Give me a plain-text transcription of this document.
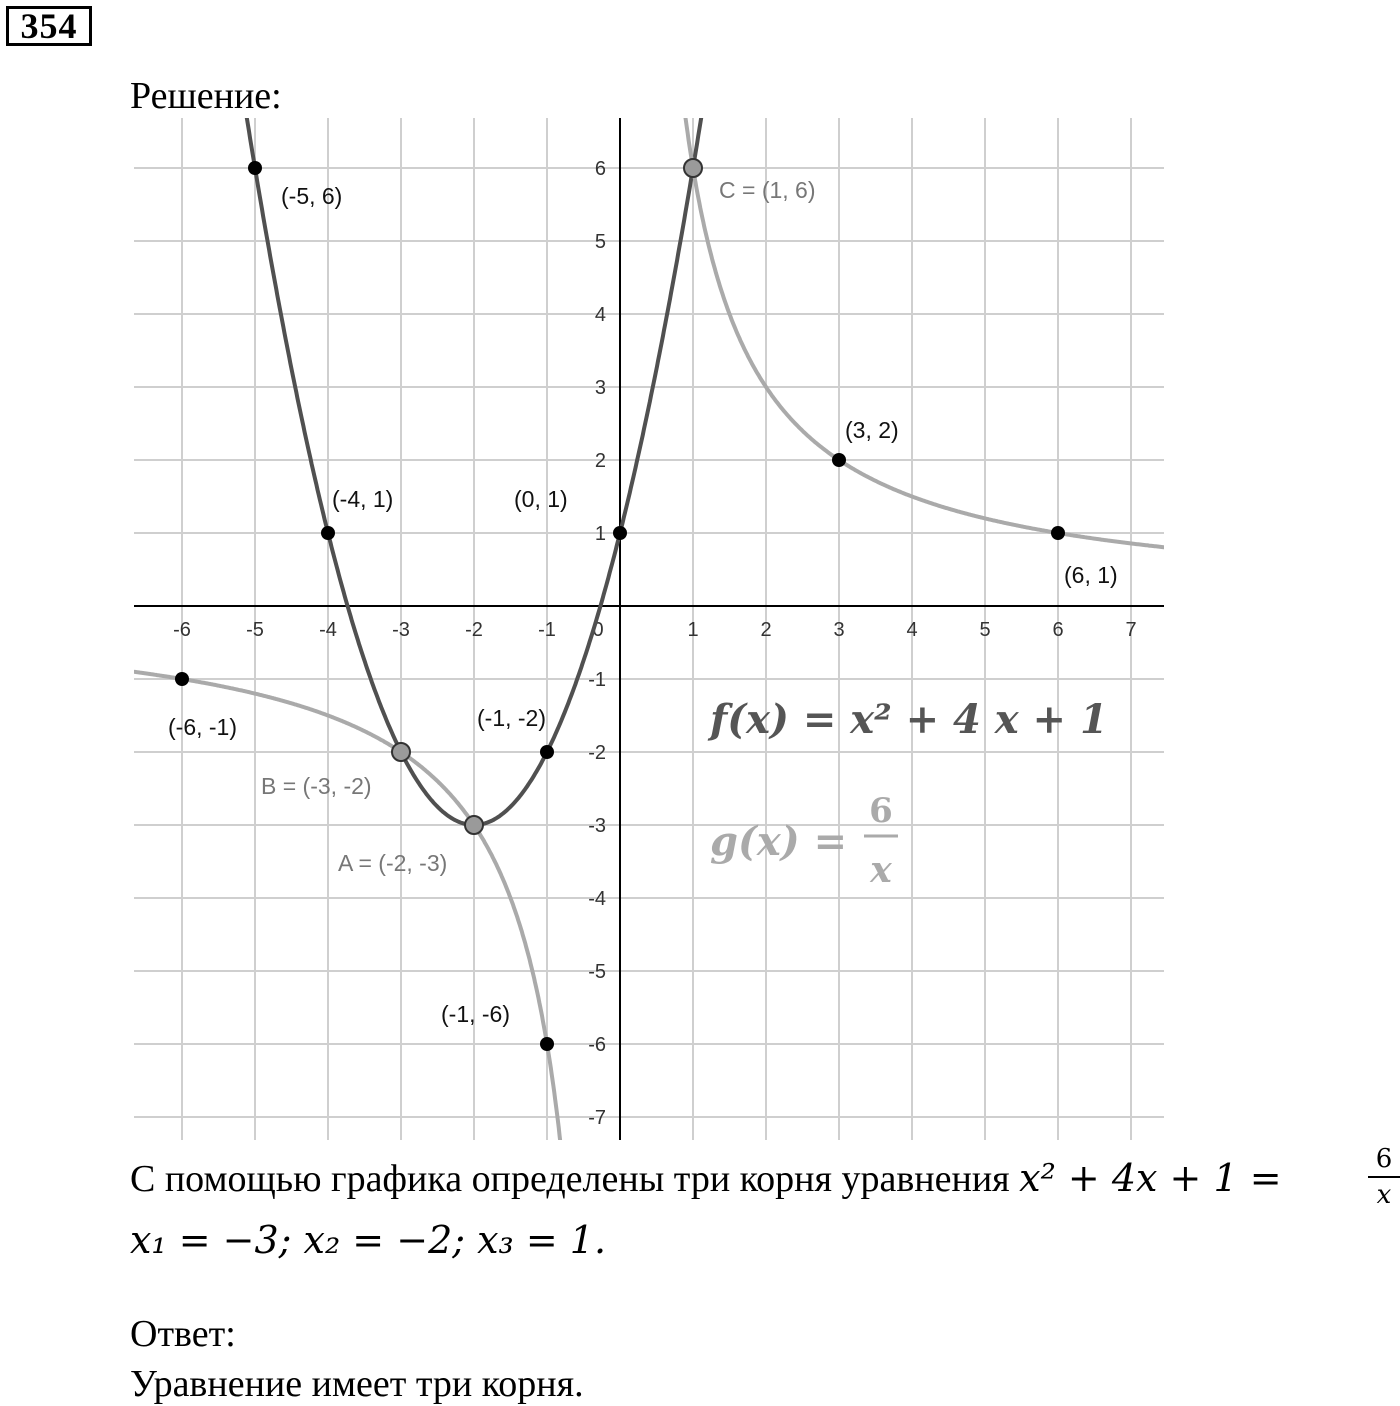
354
Решение:
-6	-5	-4	-3	-2	-1 0	1	2	3	4	5	6	7
6
5
4
3
2
1
-1
-2
-3
-4
-5
-6
-7
(-5, 6)
(-4, 1)	(0, 1)
(-1, -2)
(-6, -1)
(3, 2)
(6, 1)
(-1, -6)
B = (-3, -2)
A = (-2, -3)
C = (1, 6)
f(x) = x² + 4 x + 1
g(x) =
6
x
С помощью графика определены три корня уравнения x² + 4x + 1 =	6
x
x₁ = −3; x₂ = −2; x₃ = 1.
Ответ:
Уравнение имеет три корня.
